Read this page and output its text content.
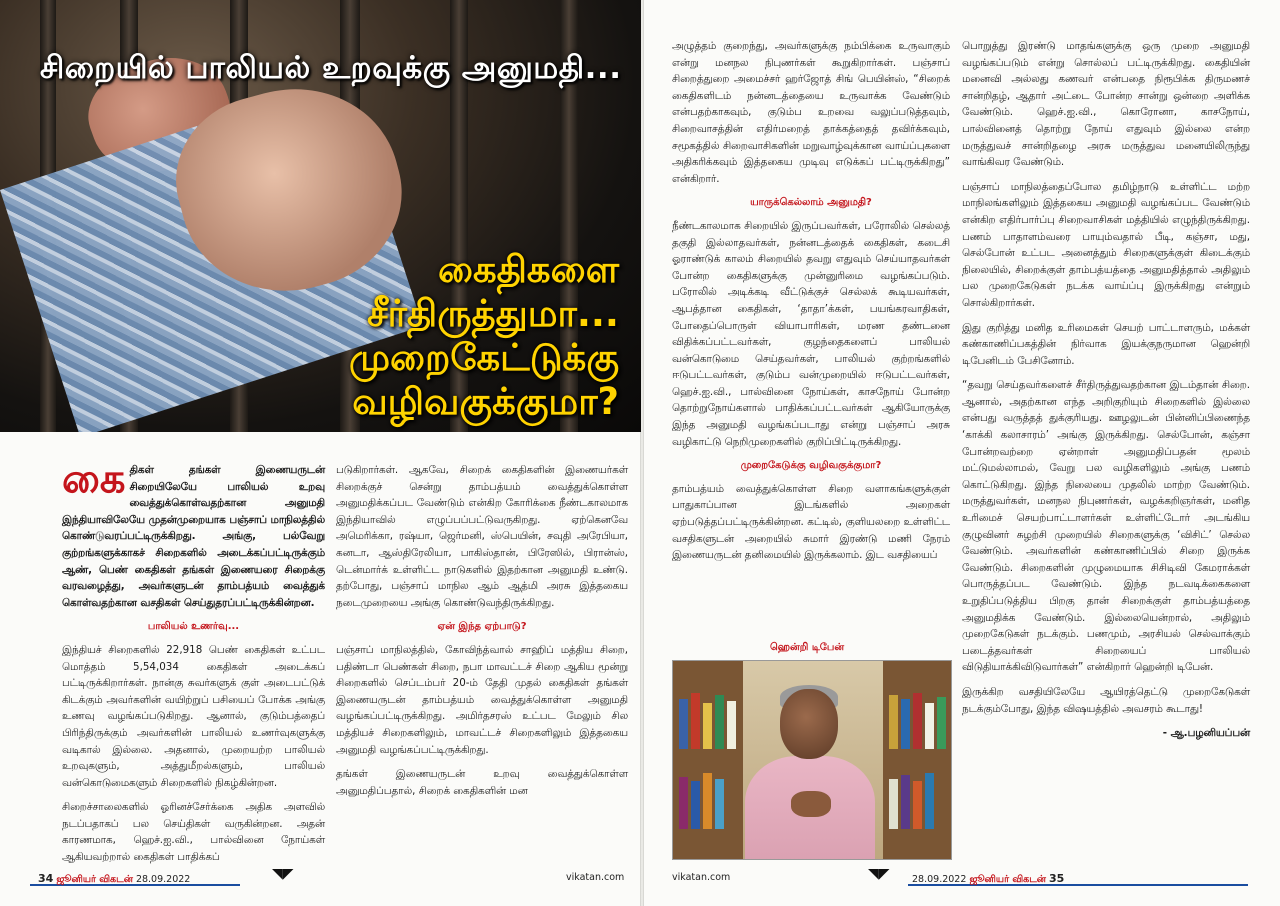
சிறையில் பாலியல் உறவுக்கு அனுமதி...
கைதிகளை
சீர்திருத்துமா...
முறைகேட்டுக்கு
வழிவகுக்குமா?

கைதிகள் தங்கள் இணையருடன் சிறையிலேயே பாலியல் உறவு வைத்துக்கொள்வதற்கான அனுமதி இந்தியாவிலேயே முதன்முறையாக பஞ்சாப் மாநிலத்தில் கொண்டுவரப்பட்டிருக்கிறது. அங்கு, பல்வேறு குற்றங்களுக்காகச் சிறைகளில் அடைக்கப்பட்டிருக்கும் ஆண், பெண் கைதிகள் தங்கள் இணையரை சிறைக்கு வரவழைத்து, அவர்களுடன் தாம்பத்யம் வைத்துக் கொள்வதற்கான வசதிகள் செய்துதரப்பட்டிருக்கின்றன.

பாலியல் உணர்வு...

இந்தியச் சிறைகளில் 22,918 பெண் கைதிகள் உட்பட மொத்தம் 5,54,034 கைதிகள் அடைக்கப் பட்டிருக்கிறார்கள். நான்கு சுவர்களுக் குள் அடைபட்டுக் கிடக்கும் அவர்களின் வயிற்றுப் பசியைப் போக்க அங்கு உணவு வழங்கப்படுகிறது. ஆனால், குடும்பத்தைப் பிரிந்திருக்கும் அவர்களின் பாலியல் உணர்வுகளுக்கு வடிகால் இல்லை. அதனால், முறையற்ற பாலியல் உறவுகளும், அத்துமீறல்களும், பாலியல் வன்கொடுமைகளும் சிறைகளில் நிகழ்கின்றன.

சிறைச்சாலைகளில் ஓரினச்சேர்க்கை அதிக அளவில் நடப்பதாகப் பல செய்திகள் வருகின்றன. அதன் காரணமாக, ஹெச்.ஐ.வி., பால்வினை நோய்கள் ஆகியவற்றால் கைதிகள் பாதிக்கப்

படுகிறார்கள். ஆகவே, சிறைக் கைதிகளின் இணையர்கள் சிறைக்குச் சென்று தாம்பத்யம் வைத்துக்கொள்ள அனுமதிக்கப்பட வேண்டும் என்கிற கோரிக்கை நீண்டகாலமாக இந்தியாவில் எழுப்பப்பட்டுவருகிறது. ஏற்கெனவே அமெரிக்கா, ரஷ்யா, ஜெர்மனி, ஸ்பெயின், சவுதி அரேபியா, கனடா, ஆஸ்திரேலியா, பாகிஸ்தான், பிரேஸில், பிரான்ஸ், டென்மார்க் உள்ளிட்ட நாடுகளில் இதற்கான அனுமதி உண்டு. தற்போது, பஞ்சாப் மாநில ஆம் ஆத்மி அரசு இத்தகைய நடைமுறையை அங்கு கொண்டுவந்திருக்கிறது.

ஏன் இந்த ஏற்பாடு?

பஞ்சாப் மாநிலத்தில், கோவிந்த்வால் சாஹிப் மத்திய சிறை, பதிண்டா பெண்கள் சிறை, நபா மாவட்டச் சிறை ஆகிய மூன்று சிறைகளில் செப்டம்பர் 20-ம் தேதி முதல் கைதிகள் தங்கள் இணையருடன் தாம்பத்யம் வைத்துக்கொள்ள அனுமதி வழங்கப்பட்டிருக்கிறது. அமிர்தசரஸ் உட்பட மேலும் சில மத்தியச் சிறைகளிலும், மாவட்டச் சிறைகளிலும் இத்தகைய அனுமதி வழங்கப்பட்டிருக்கிறது.

தங்கள் இணையருடன் உறவு வைத்துக்கொள்ள அனுமதிப்பதால், சிறைக் கைதிகளின் மன

அழுத்தம் குறைந்து, அவர்களுக்கு நம்பிக்கை உருவாகும் என்று மனநல நிபுணர்கள் கூறுகிறார்கள். பஞ்சாப் சிறைத்துறை அமைச்சர் ஹர்ஜோத் சிங் பெயின்ஸ், “சிறைக் கைதிகளிடம் நன்னடத்தையை உருவாக்க வேண்டும் என்பதற்காகவும், குடும்ப உறவை வலுப்படுத்தவும், சிறைவாசத்தின் எதிர்மறைத் தாக்கத்தைத் தவிர்க்கவும், சமூகத்தில் சிறைவாசிகளின் மறுவாழ்வுக்கான வாய்ப்புகளை அதிகரிக்கவும் இத்தகைய முடிவு எடுக்கப் பட்டிருக்கிறது” என்கிறார்.

யாருக்கெல்லாம் அனுமதி?

நீண்டகாலமாக சிறையில் இருப்பவர்கள், பரோலில் செல்லத் தகுதி இல்லாதவர்கள், நன்னடத்தைக் கைதிகள், கடைசி ஓராண்டுக் காலம் சிறையில் தவறு எதுவும் செய்யாதவர்கள் போன்ற கைதிகளுக்கு முன்னுரிமை வழங்கப்படும். பரோலில் அடிக்கடி வீட்டுக்குச் செல்லக் கூடியவர்கள், ஆபத்தான கைதிகள், ‘தாதா’க்கள், பயங்கரவாதிகள், போதைப்பொருள் வியாபாரிகள், மரண தண்டனை விதிக்கப்பட்டவர்கள், குழந்தைகளைப் பாலியல் வன்கொடுமை செய்தவர்கள், பாலியல் குற்றங்களில் ஈடுபட்டவர்கள், குடும்ப வன்முறையில் ஈடுபட்டவர்கள், ஹெச்.ஐ.வி., பால்வினை நோய்கள், காசநோய் போன்ற தொற்றுநோய்களால் பாதிக்கப்பட்டவர்கள் ஆகியோருக்கு இந்த அனுமதி வழங்கப்படாது என்று பஞ்சாப் அரசு வழிகாட்டு நெறிமுறைகளில் குறிப்பிட்டிருக்கிறது.

முறைகேடுக்கு வழிவகுக்குமா?

தாம்பத்யம் வைத்துக்கொள்ள சிறை வளாகங்களுக்குள் பாதுகாப்பான இடங்களில் அறைகள் ஏற்படுத்தப்பட்டிருக்கின்றன. கட்டில், குளியலறை உள்ளிட்ட வசதிகளுடன் அறையில் சுமார் இரண்டு மணி நேரம் இணையருடன் தனிமையில் இருக்கலாம். இட வசதியைப்

ஹென்றி டிபேன்

பொறுத்து இரண்டு மாதங்களுக்கு ஒரு முறை அனுமதி வழங்கப்படும் என்று சொல்லப் பட்டிருக்கிறது. கைதியின் மனைவி அல்லது கணவர் என்பதை நிரூபிக்க திருமணச் சான்றிதழ், ஆதார் அட்டை போன்ற சான்று ஒன்றை அளிக்க வேண்டும். ஹெச்.ஐ.வி., கொரோனா, காசநோய், பால்வினைத் தொற்று நோய் எதுவும் இல்லை என்ற மருத்துவச் சான்றிதழை அரசு மருத்துவ மனையிலிருந்து வாங்கிவர வேண்டும்.

பஞ்சாப் மாநிலத்தைப்போல தமிழ்நாடு உள்ளிட்ட மற்ற மாநிலங்களிலும் இத்தகைய அனுமதி வழங்கப்பட வேண்டும் என்கிற எதிர்பார்ப்பு சிறைவாசிகள் மத்தியில் எழுந்திருக்கிறது. பணம் பாதாளம்வரை பாயும்வதால் பீடி, கஞ்சா, மது, செல்போன் உட்பட அனைத்தும் சிறைகளுக்குள் கிடைக்கும் நிலையில், சிறைக்குள் தாம்பத்யத்தை அனுமதித்தால் அதிலும் பல முறைகேடுகள் நடக்க வாய்ப்பு இருக்கிறது என்றும் சொல்கிறார்கள்.

இது குறித்து மனித உரிமைகள் செயற் பாட்டாளரும், மக்கள் கண்காணிப்பகத்தின் நிர்வாக இயக்குநருமான ஹென்றி டிபேனிடம் பேசினோம்.

“தவறு செய்தவர்களைச் சீர்திருத்துவதற்கான இடம்தான் சிறை. ஆனால், அதற்கான எந்த அறிகுறியும் சிறைகளில் இல்லை என்பது வருத்தத் துக்குரியது. ஊழலுடன் பின்னிப்பிணைந்த ‘காக்கி கலாசாரம்’ அங்கு இருக்கிறது. செல்போன், கஞ்சா போன்றவற்றை ஏன்றாள் அனுமதிப்பதன் மூலம் மட்டுமல்லாமல், வேறு பல வழிகளிலும் அங்கு பணம் கொட்டுகிறது. இந்த நிலையை முதலில் மாற்ற வேண்டும். மருத்துவர்கள், மனநல நிபுணர்கள், வழக்கறிஞர்கள், மனித உரிமைச் செயற்பாட்டாளர்கள் உள்ளிட்டோர் அடங்கிய குழுவினர் சுழற்சி முறையில் சிறைகளுக்கு ‘விசிட்’ செல்ல வேண்டும். அவர்களின் கண்காணிப்பில் சிறை இருக்க வேண்டும். சிறைகளின் முழுமையாக சிசிடிவி கேமராக்கள் பொருத்தப்பட வேண்டும். இந்த நடவடிக்கைகளை உறுதிப்படுத்திய பிறகு தான் சிறைக்குள் தாம்பத்யத்தை அனுமதிக்க வேண்டும். இல்லையென்றால், அதிலும் முறைகேடுகள் நடக்கும். பணமும், அரசியல் செல்வாக்கும் படைத்தவர்கள் சிறையைப் பாலியல் விடுதியாக்கிவிடுவார்கள்” என்கிறார் ஹென்றி டிபேன்.

இருக்கிற வசதியிலேயே ஆயிரத்தெட்டு முறைகேடுகள் நடக்கும்போது, இந்த விஷயத்தில் அவசரம் கூடாது!

- ஆ.பழனியப்பன்
34 ஜூனியர் விகடன் 28.09.2022	◥◤	vikatan.com	vikatan.com	◥◤ 28.09.2022 ஜூனியர் விகடன் 35
